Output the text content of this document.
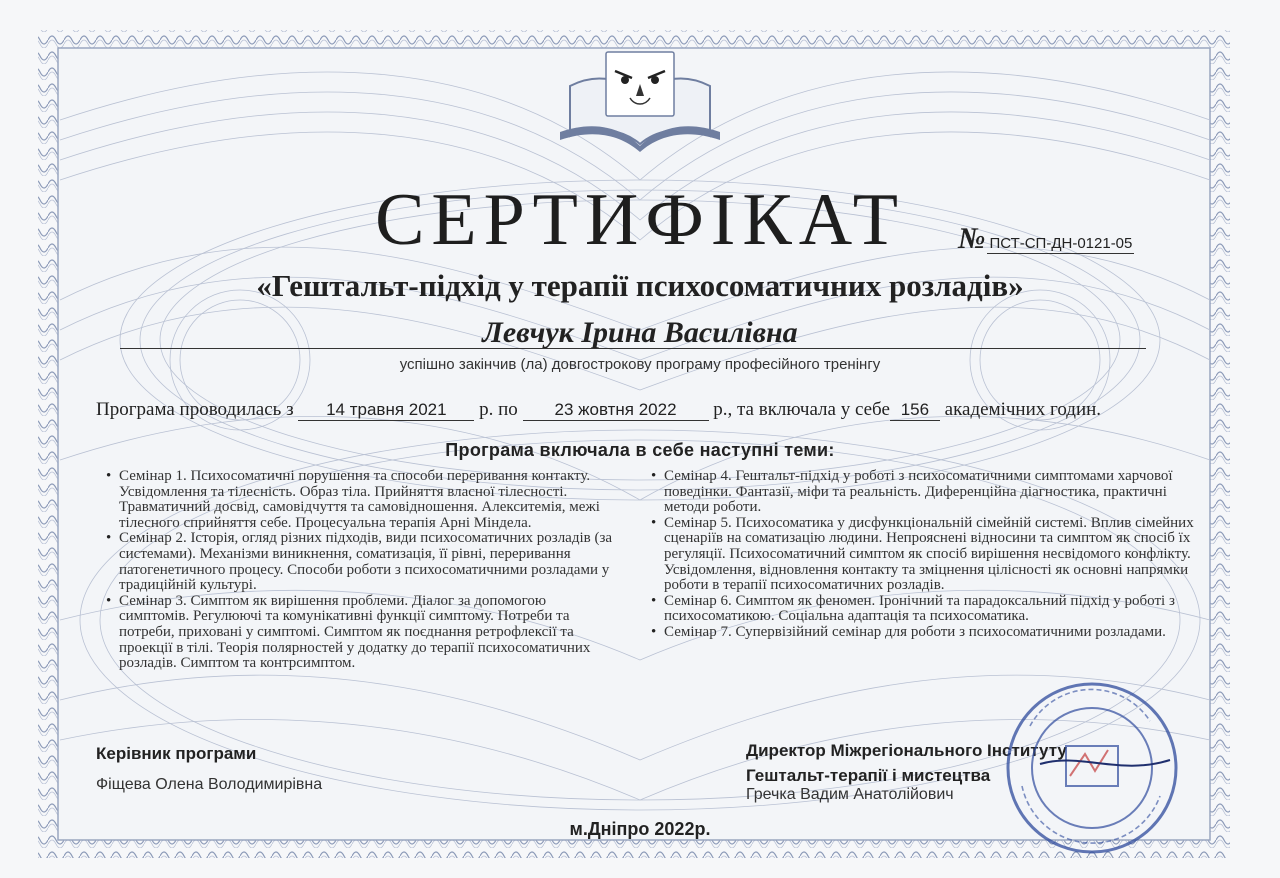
СЕРТИФІКАТ	№ ПСТ-СП-ДН-0121-05
«Гештальт-підхід у терапії психосоматичних розладів»
Левчук Ірина Василівна
успішно закінчив (ла) довгострокову програму професійного тренінгу
Програма проводилась з 14 травня 2021 р. по 23 жовтня 2022 р., та включала у себе 156 академічних годин.
Програма включала в себе наступні теми:
• Семінар 1. Психосоматичні порушення та способи переривання контакту. Усвідомлення та тілесність. Образ тіла. Прийняття власної тілесності. Травматичний досвід, самовідчуття та самовідношення. Алекситемія, межі тілесного сприйняття себе. Процесуальна терапія Арні Мінделa.
• Семінар 2. Історія, огляд різних підходів, види психосоматичних розладів (за системами). Механізми виникнення, соматизація, її рівні, переривання патогенетичного процесу. Способи роботи з психосоматичними розладами у традиційній культурі.
• Семінар 3. Симптом як вирішення проблеми. Діалог за допомогою симптомів. Регулюючі та комунікативні функції симптому. Потреби та потреби, приховані у симптомі. Симптом як поєднання ретрофлексії та проекції в тілі. Теорія полярностей у додатку до терапії психосоматичних розладів. Симптом та контрсимптом.
• Семінар 4. Гештальт-підхід у роботі з психосоматичними симптомами харчової поведінки. Фантазії, міфи та реальність. Диференційна діагностика, практичні методи роботи.
• Семінар 5. Психосоматика у дисфункціональній сімейній системі. Вплив сімейних сценаріїв на соматизацію людини. Непрояснені відносини та симптом як спосіб їх регуляції. Психосоматичний симптом як спосіб вирішення несвідомого конфлікту. Усвідомлення, відновлення контакту та зміцнення цілісності як основні напрямки роботи в терапії психосоматичних розладів.
• Семінар 6. Симптом як феномен. Іронічний та парадоксальний підхід у роботі з психосоматикою. Соціальна адаптація та психосоматика.
• Семінар 7. Супервізійний семінар для роботи з психосоматичними розладами.
Керівник програми
Фіщева Олена Володимирівна
Директор Міжрегіонального Інституту
Гештальт-терапії і мистецтва
Гречка Вадим Анатолійович
м.Дніпро 2022р.
